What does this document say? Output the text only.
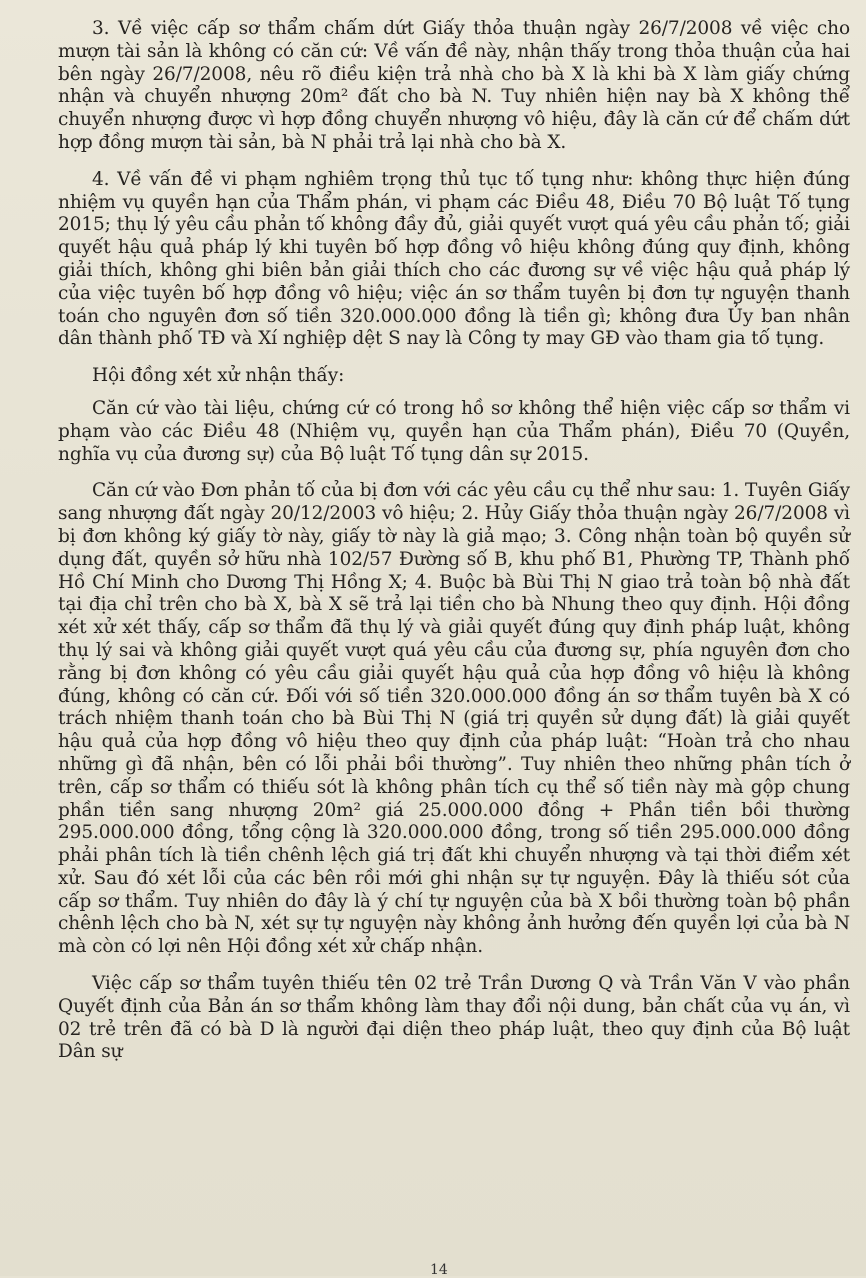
3. Về việc cấp sơ thẩm chấm dứt Giấy thỏa thuận ngày 26/7/2008 về việc cho mượn tài sản là không có căn cứ: Về vấn đề này, nhận thấy trong thỏa thuận của hai bên ngày 26/7/2008, nêu rõ điều kiện trả nhà cho bà X là khi bà X làm giấy chứng nhận và chuyển nhượng 20m² đất cho bà N. Tuy nhiên hiện nay bà X không thể chuyển nhượng được vì hợp đồng chuyển nhượng vô hiệu, đây là căn cứ để chấm dứt hợp đồng mượn tài sản, bà N phải trả lại nhà cho bà X.

4. Về vấn đề vi phạm nghiêm trọng thủ tục tố tụng như: không thực hiện đúng nhiệm vụ quyền hạn của Thẩm phán, vi phạm các Điều 48, Điều 70 Bộ luật Tố tụng 2015; thụ lý yêu cầu phản tố không đầy đủ, giải quyết vượt quá yêu cầu phản tố; giải quyết hậu quả pháp lý khi tuyên bố hợp đồng vô hiệu không đúng quy định, không giải thích, không ghi biên bản giải thích cho các đương sự về việc hậu quả pháp lý của việc tuyên bố hợp đồng vô hiệu; việc án sơ thẩm tuyên bị đơn tự nguyện thanh toán cho nguyên đơn số tiền 320.000.000 đồng là tiền gì; không đưa Ủy ban nhân dân thành phố TĐ và Xí nghiệp dệt S nay là Công ty may GĐ vào tham gia tố tụng.

Hội đồng xét xử nhận thấy:

Căn cứ vào tài liệu, chứng cứ có trong hồ sơ không thể hiện việc cấp sơ thẩm vi phạm vào các Điều 48 (Nhiệm vụ, quyền hạn của Thẩm phán), Điều 70 (Quyền, nghĩa vụ của đương sự) của Bộ luật Tố tụng dân sự 2015.

Căn cứ vào Đơn phản tố của bị đơn với các yêu cầu cụ thể như sau: 1. Tuyên Giấy sang nhượng đất ngày 20/12/2003 vô hiệu; 2. Hủy Giấy thỏa thuận ngày 26/7/2008 vì bị đơn không ký giấy tờ này, giấy tờ này là giả mạo; 3. Công nhận toàn bộ quyền sử dụng đất, quyền sở hữu nhà 102/57 Đường số B, khu phố B1, Phường TP, Thành phố Hồ Chí Minh cho Dương Thị Hồng X; 4. Buộc bà Bùi Thị N giao trả toàn bộ nhà đất tại địa chỉ trên cho bà X, bà X sẽ trả lại tiền cho bà Nhung theo quy định. Hội đồng xét xử xét thấy, cấp sơ thẩm đã thụ lý và giải quyết đúng quy định pháp luật, không thụ lý sai và không giải quyết vượt quá yêu cầu của đương sự, phía nguyên đơn cho rằng bị đơn không có yêu cầu giải quyết hậu quả của hợp đồng vô hiệu là không đúng, không có căn cứ. Đối với số tiền 320.000.000 đồng án sơ thẩm tuyên bà X có trách nhiệm thanh toán cho bà Bùi Thị N (giá trị quyền sử dụng đất) là giải quyết hậu quả của hợp đồng vô hiệu theo quy định của pháp luật: “Hoàn trả cho nhau những gì đã nhận, bên có lỗi phải bồi thường”. Tuy nhiên theo những phân tích ở trên, cấp sơ thẩm có thiếu sót là không phân tích cụ thể số tiền này mà gộp chung phần tiền sang nhượng 20m² giá 25.000.000 đồng + Phần tiền bồi thường 295.000.000 đồng, tổng cộng là 320.000.000 đồng, trong số tiền 295.000.000 đồng phải phân tích là tiền chênh lệch giá trị đất khi chuyển nhượng và tại thời điểm xét xử. Sau đó xét lỗi của các bên rồi mới ghi nhận sự tự nguyện. Đây là thiếu sót của cấp sơ thẩm. Tuy nhiên do đây là ý chí tự nguyện của bà X bồi thường toàn bộ phần chênh lệch cho bà N, xét sự tự nguyện này không ảnh hưởng đến quyền lợi của bà N mà còn có lợi nên Hội đồng xét xử chấp nhận.

Việc cấp sơ thẩm tuyên thiếu tên 02 trẻ Trần Dương Q và Trần Văn V vào phần Quyết định của Bản án sơ thẩm không làm thay đổi nội dung, bản chất của vụ án, vì 02 trẻ trên đã có bà D là người đại diện theo pháp luật, theo quy định của Bộ luật Dân sự

14
